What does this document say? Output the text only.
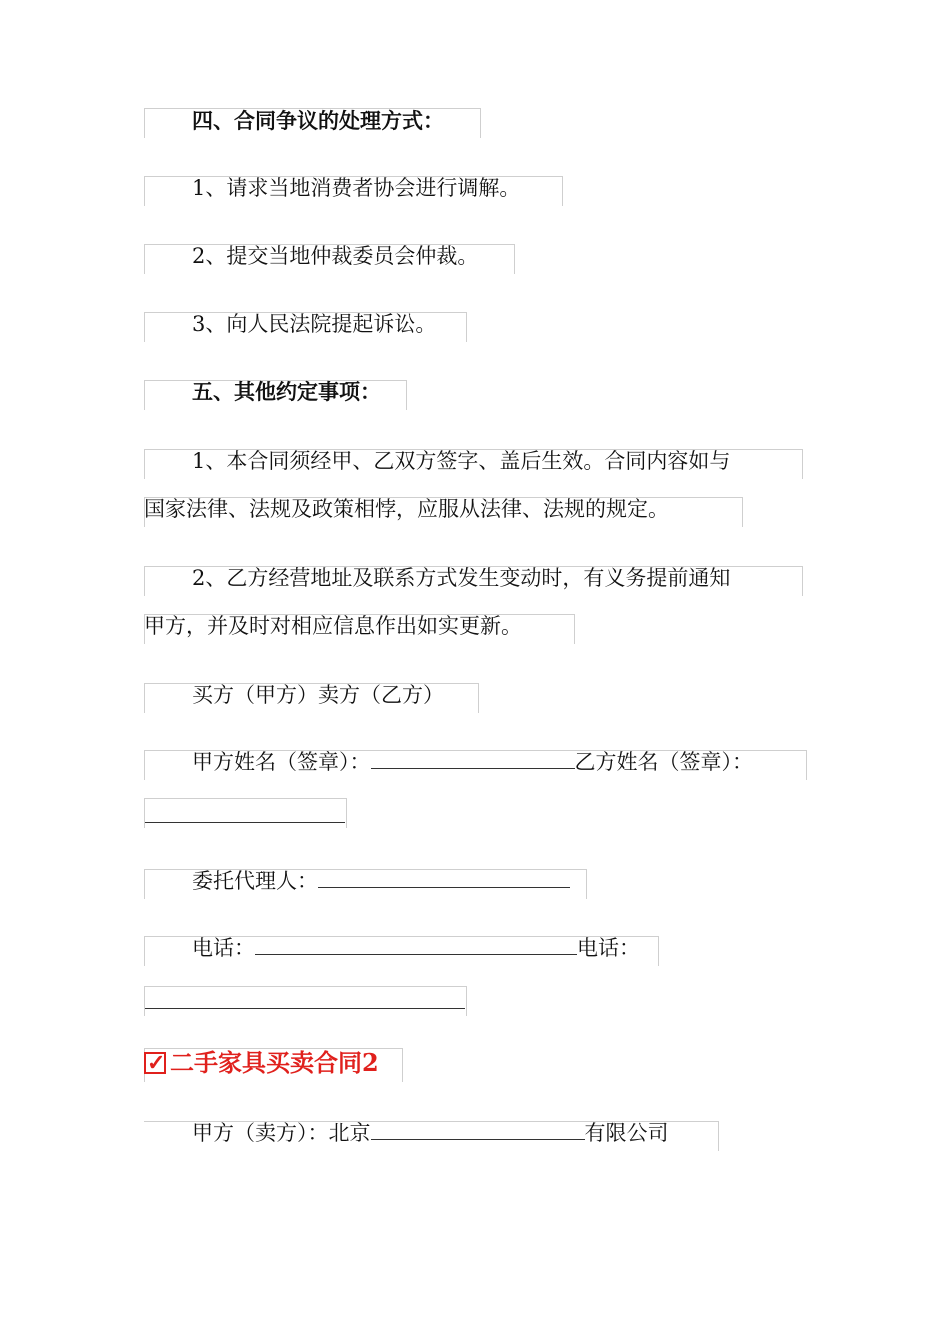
四、合同争议的处理方式：
1、请求当地消费者协会进行调解。
2、提交当地仲裁委员会仲裁。
3、向人民法院提起诉讼。
五、其他约定事项：
1、本合同须经甲、乙双方签字、盖后生效。合同内容如与
国家法律、法规及政策相悖，应服从法律、法规的规定。
2、乙方经营地址及联系方式发生变动时，有义务提前通知
甲方，并及时对相应信息作出如实更新。
买方（甲方）卖方（乙方）
甲方姓名（签章）：	乙方姓名（签章）：
委托代理人：
电话：	电话：
✓ 二手家具买卖合同2
甲方（卖方）：北京	有限公司
